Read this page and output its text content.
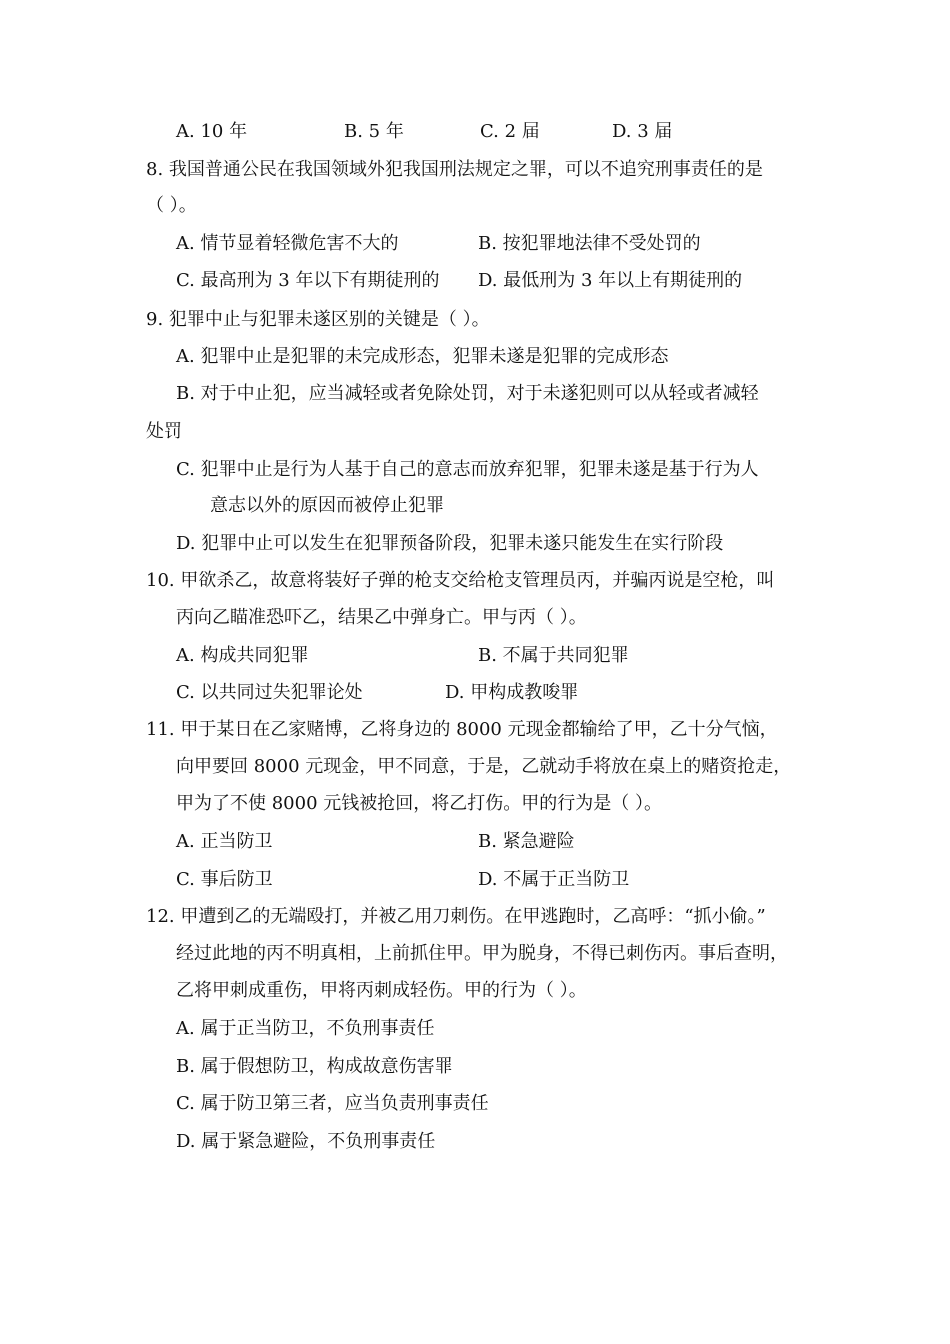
A. 10 年	B. 5 年	C. 2 届	D. 3 届
8. 我国普通公民在我国领域外犯我国刑法规定之罪，可以不追究刑事责任的是
（ ）。
A. 情节显着轻微危害不大的	B. 按犯罪地法律不受处罚的
C. 最高刑为 3 年以下有期徒刑的 D. 最低刑为 3 年以上有期徒刑的
9. 犯罪中止与犯罪未遂区别的关键是（ ）。
A. 犯罪中止是犯罪的未完成形态，犯罪未遂是犯罪的完成形态
B. 对于中止犯，应当减轻或者免除处罚，对于未遂犯则可以从轻或者减轻
处罚
C. 犯罪中止是行为人基于自己的意志而放弃犯罪，犯罪未遂是基于行为人
意志以外的原因而被停止犯罪
D. 犯罪中止可以发生在犯罪预备阶段，犯罪未遂只能发生在实行阶段
10. 甲欲杀乙，故意将装好子弹的枪支交给枪支管理员丙，并骗丙说是空枪，叫
丙向乙瞄准恐吓乙，结果乙中弹身亡。甲与丙（ ）。
A. 构成共同犯罪	B. 不属于共同犯罪
C. 以共同过失犯罪论处	D. 甲构成教唆罪
11. 甲于某日在乙家赌博，乙将身边的 8000 元现金都输给了甲，乙十分气恼，
向甲要回 8000 元现金，甲不同意，于是，乙就动手将放在桌上的赌资抢走，
甲为了不使 8000 元钱被抢回，将乙打伤。甲的行为是（ ）。
A. 正当防卫	B. 紧急避险
C. 事后防卫	D. 不属于正当防卫
12. 甲遭到乙的无端殴打，并被乙用刀刺伤。在甲逃跑时，乙高呼：“抓小偷。”
经过此地的丙不明真相，上前抓住甲。甲为脱身，不得已刺伤丙。事后查明，
乙将甲刺成重伤，甲将丙刺成轻伤。甲的行为（ ）。
A. 属于正当防卫，不负刑事责任
B. 属于假想防卫，构成故意伤害罪
C. 属于防卫第三者，应当负责刑事责任
D. 属于紧急避险，不负刑事责任
